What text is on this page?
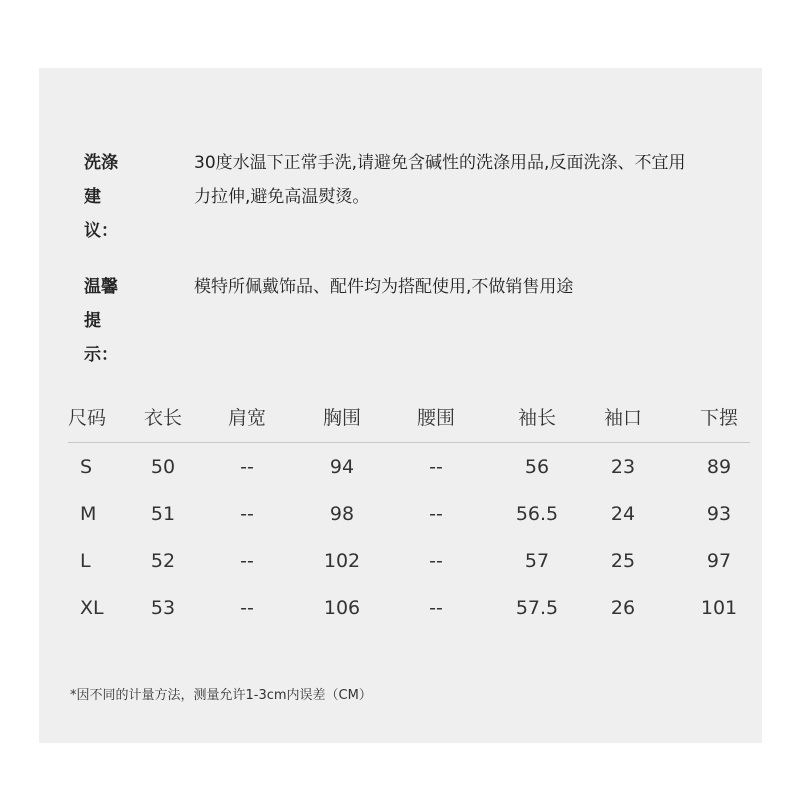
洗涤建议：
30度水温下正常手洗,请避免含碱性的洗涤用品,反面洗涤、不宜用
力拉伸,避免高温熨烫。
温馨提示：
模特所佩戴饰品、配件均为搭配使用,不做销售用途
尺码	衣长	肩宽	胸围	腰围	袖长	袖口	下摆
S	50	--	94	--	56	23	89
M	51	--	98	--	56.5	24	93
L	52	--	102	--	57	25	97
XL	53	--	106	--	57.5	26	101
*因不同的计量方法，测量允许1-3cm内误差（CM）
